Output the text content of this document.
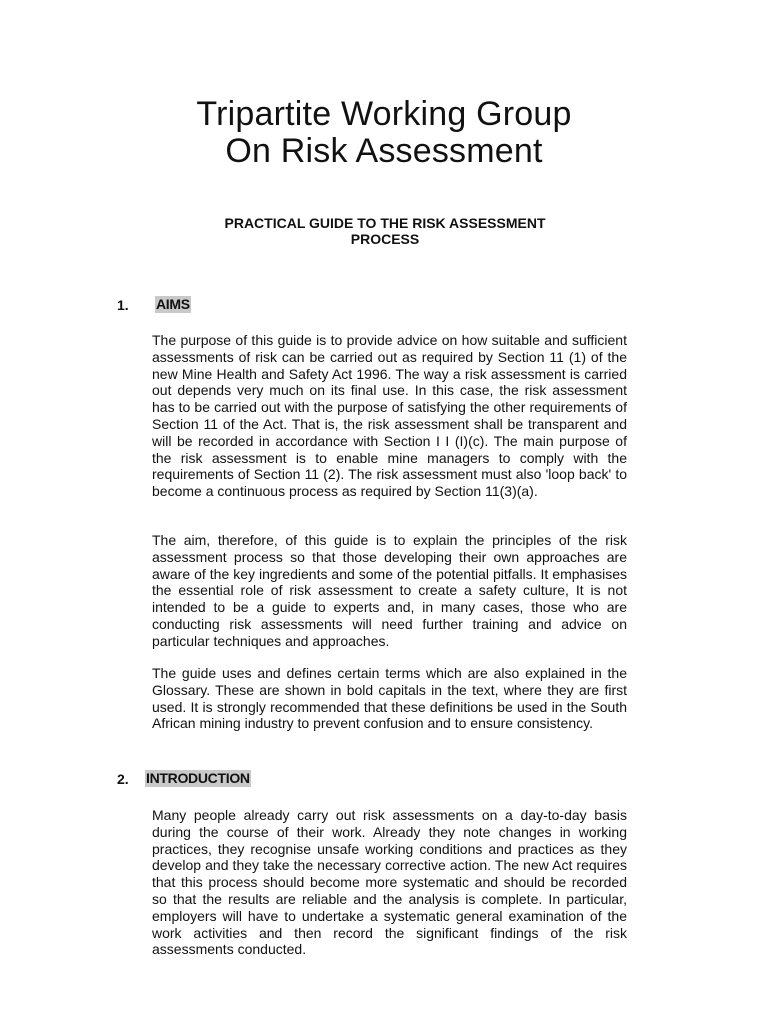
Tripartite Working Group
On Risk Assessment
PRACTICAL GUIDE TO THE RISK ASSESSMENT
PROCESS
1. AIMS

The purpose of this guide is to provide advice on how suitable and sufficient assessments of risk can be carried out as required by Section 11 (1) of the new Mine Health and Safety Act 1996. The way a risk assessment is carried out depends very much on its final use. In this case, the risk assessment has to be carried out with the purpose of satisfying the other requirements of Section 11 of the Act. That is, the risk assessment shall be transparent and will be recorded in accordance with Section I I (I)(c). The main purpose of the risk assessment is to enable mine managers to comply with the requirements of Section 11 (2). The risk assessment must also 'loop back' to become a continuous process as required by Section 11(3)(a).

The aim, therefore, of this guide is to explain the principles of the risk assessment process so that those developing their own approaches are aware of the key ingredients and some of the potential pitfalls. It emphasises the essential role of risk assessment to create a safety culture, It is not intended to be a guide to experts and, in many cases, those who are conducting risk assessments will need further training and advice on particular techniques and approaches.

The guide uses and defines certain terms which are also explained in the Glossary. These are shown in bold capitals in the text, where they are first used. It is strongly recommended that these definitions be used in the South African mining industry to prevent confusion and to ensure consistency.

2. INTRODUCTION

Many people already carry out risk assessments on a day-to-day basis during the course of their work. Already they note changes in working practices, they recognise unsafe working conditions and practices as they develop and they take the necessary corrective action. The new Act requires that this process should become more systematic and should be recorded so that the results are reliable and the analysis is complete. In particular, employers will have to undertake a systematic general examination of the work activities and then record the significant findings of the risk assessments conducted.
